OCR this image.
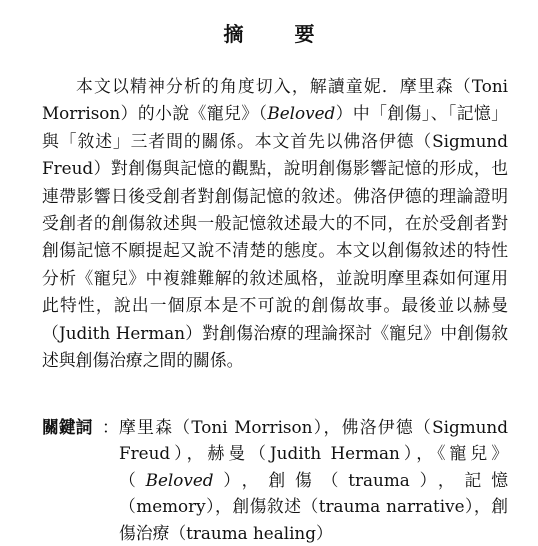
摘 要

本文以精神分析的角度切入，解讀童妮．摩里森（Toni Morrison）的小說《寵兒》（Beloved）中「創傷」、「記憶」與「敘述」三者間的關係。本文首先以佛洛伊德（Sigmund Freud）對創傷與記憶的觀點，說明創傷影響記憶的形成，也連帶影響日後受創者對創傷記憶的敘述。佛洛伊德的理論證明受創者的創傷敘述與一般記憶敘述最大的不同，在於受創者對創傷記憶不願提起又說不清楚的態度。本文以創傷敘述的特性分析《寵兒》中複雜難解的敘述風格，並說明摩里森如何運用此特性，說出一個原本是不可說的創傷故事。最後並以赫曼（Judith Herman）對創傷治療的理論探討《寵兒》中創傷敘述與創傷治療之間的關係。

關鍵詞 ： 摩里森（Toni Morrison），佛洛伊德（Sigmund Freud），赫曼（Judith Herman），《寵兒》（Beloved），創傷（trauma），記憶（memory），創傷敘述（trauma narrative），創傷治療（trauma healing）
